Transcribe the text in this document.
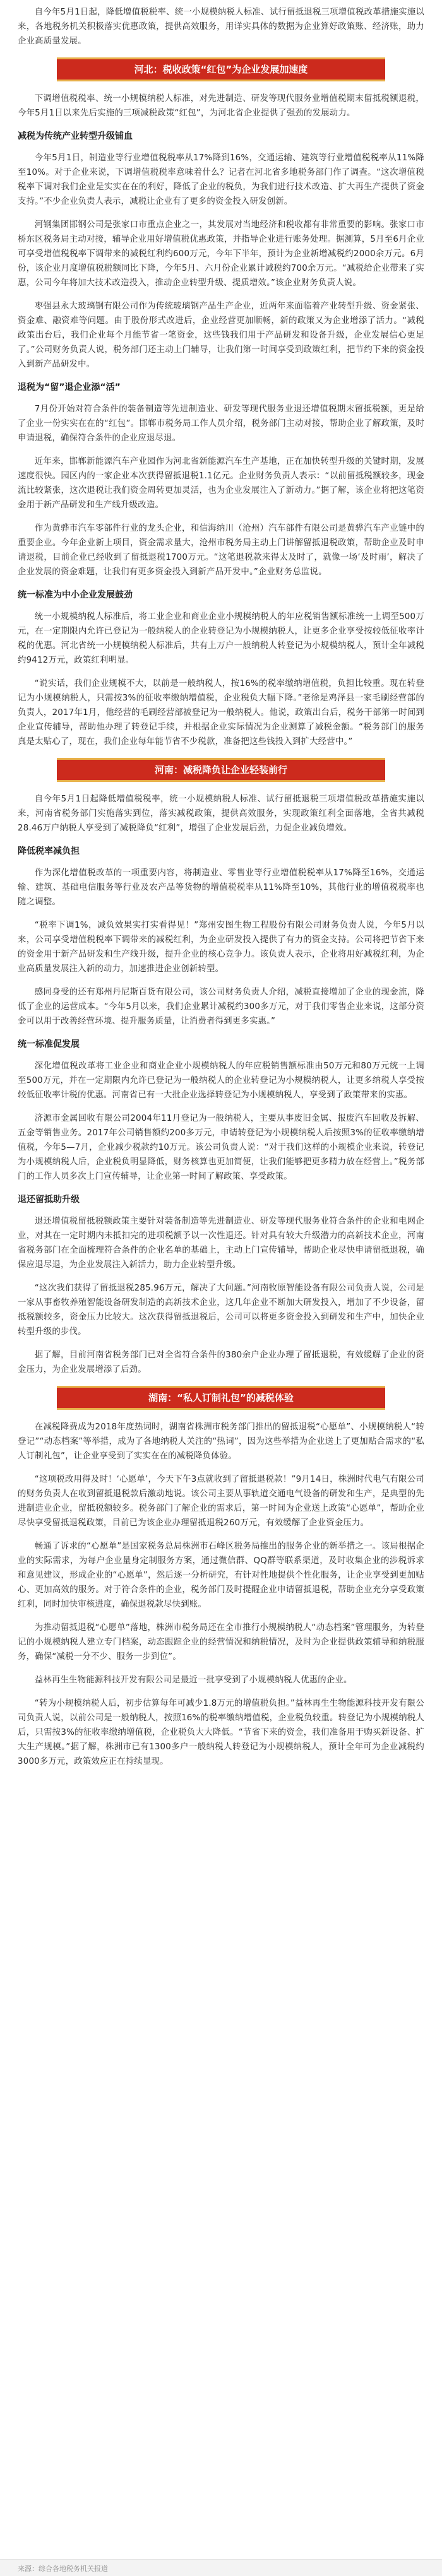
自今年5月1日起，降低增值税税率、统一小规模纳税人标准、试行留抵退税三项增值税改革措施实施以来，各地税务机关积极落实优惠政策，提供高效服务，用详实具体的数据为企业算好政策账、经济账，助力企业高质量发展。

河北：税收政策“红包”为企业发展加速度

下调增值税税率、统一小规模纳税人标准，对先进制造、研发等现代服务业增值税期末留抵税额退税，今年5月1日以来先后实施的三项减税政策“红包”，为河北省企业提供了强劲的发展动力。

减税为传统产业转型升级铺血

今年5月1日，制造业等行业增值税税率从17%降到16%，交通运输、建筑等行业增值税税率从11%降至10%。对于企业来说，下调增值税税率意味着什么？记者在河北省多地税务部门作了调查。“这次增值税税率下调对我们企业是实实在在的利好，降低了企业的税负，为我们进行技术改造、扩大再生产提供了资金支持。”不少企业负责人表示，减税让企业有了更多的资金投入研发创新。

河钢集团邯钢公司是张家口市重点企业之一，其发展对当地经济和税收都有非常重要的影响。张家口市桥东区税务局主动对接，辅导企业用好增值税优惠政策，并指导企业进行账务处理。据测算，5月至6月企业可享受增值税税率下调带来的减税红利约600万元，今年下半年，预计为企业新增减税约2000余万元。6月份，该企业月度增值税税额同比下降，今年5月、六月份企业累计减税约700余万元。“减税给企业带来了实惠，公司今年将加大技术改造投入，推动企业转型升级、提质增效。”该企业财务负责人说。

枣强县永大玻璃钢有限公司作为传统玻璃钢产品生产企业，近两年来面临着产业转型升级、资金紧张、资金难、融资难等问题。由于股份形式改进后，企业经营更加顺畅，新的政策又为企业增添了活力。“减税政策出台后，我们企业每个月能节省一笔资金，这些钱我们用于产品研发和设备升级，企业发展信心更足了。”公司财务负责人说，税务部门还主动上门辅导，让我们第一时间享受到政策红利，把节约下来的资金投入到新产品研发中。

退税为“留”退企业添“活”

7月份开始对符合条件的装备制造等先进制造业、研发等现代服务业退还增值税期末留抵税额，更是给了企业一份实实在在的“红包”。邯郸市税务局工作人员介绍，税务部门主动对接，帮助企业了解政策，及时申请退税，确保符合条件的企业应退尽退。

近年来，邯郸新能源汽车产业园作为河北省新能源汽车生产基地，正在加快转型升级的关键时期，发展速度很快。园区内的一家企业本次获得留抵退税1.1亿元。企业财务负责人表示：“以前留抵税额较多，现金流比较紧张，这次退税让我们资金周转更加灵活，也为企业发展注入了新动力。”据了解，该企业将把这笔资金用于新产品研发和生产线升级改造。

作为黄骅市汽车零部件行业的龙头企业，和信海纳川（沧州）汽车部件有限公司是黄骅汽车产业链中的重要企业。今年企业新上项目，资金需求量大，沧州市税务局主动上门讲解留抵退税政策，帮助企业及时申请退税，目前企业已经收到了留抵退税1700万元。“这笔退税款来得太及时了，就像一场‘及时雨’，解决了企业发展的资金难题，让我们有更多资金投入到新产品开发中。”企业财务总监说。

统一标准为中小企业发展鼓劲

统一小规模纳税人标准后，将工业企业和商业企业小规模纳税人的年应税销售额标准统一上调至500万元，在一定期限内允许已登记为一般纳税人的企业转登记为小规模纳税人，让更多企业享受按较低征收率计税的优惠。河北省统一小规模纳税人标准后，共有上万户一般纳税人转登记为小规模纳税人，预计全年减税约9412万元，政策红利明显。

“说实话，我们企业规模不大，以前是一般纳税人，按16%的税率缴纳增值税，负担比较重。现在转登记为小规模纳税人，只需按3%的征收率缴纳增值税，企业税负大幅下降。”老徐是鸡泽县一家毛刷经营部的负责人，2017年1月，他经营的毛刷经营部被登记为一般纳税人。他说，政策出台后，税务干部第一时间到企业宣传辅导，帮助他办理了转登记手续，并根据企业实际情况为企业测算了减税金额。“税务部门的服务真是太贴心了，现在，我们企业每年能节省不少税款，准备把这些钱投入到扩大经营中。”

河南：减税降负让企业轻装前行

自今年5月1日起降低增值税税率，统一小规模纳税人标准、试行留抵退税三项增值税改革措施实施以来，河南省税务部门实施落实到位，落实减税政策，提供高效服务，实现政策红利全面落地，全省共减税28.46万户纳税人享受到了减税降负“红利”，增强了企业发展后劲，力促企业减负增效。

降低税率减负担

作为深化增值税改革的一项重要内容，将制造业、零售业等行业增值税税率从17%降至16%，交通运输、建筑、基础电信服务等行业及农产品等货物的增值税税率从11%降至10%，其他行业的增值税税率也随之调整。

“税率下调1%，减负效果实打实看得见！”郑州安图生物工程股份有限公司财务负责人说，今年5月以来，公司享受增值税税率下调带来的减税红利，为企业研发投入提供了有力的资金支持。公司将把节省下来的资金用于新产品研发和生产线升级，提升企业的核心竞争力。该负责人表示，企业将用好减税红利，为企业高质量发展注入新的动力，加速推进企业创新转型。

感同身受的还有郑州丹尼斯百货有限公司，该公司财务负责人介绍，减税直接增加了企业的现金流，降低了企业的运营成本。“今年5月以来，我们企业累计减税约300多万元，对于我们零售企业来说，这部分资金可以用于改善经营环境、提升服务质量，让消费者得到更多实惠。”

统一标准促发展

深化增值税改革将工业企业和商业企业小规模纳税人的年应税销售额标准由50万元和80万元统一上调至500万元，并在一定期限内允许已登记为一般纳税人的企业转登记为小规模纳税人，让更多纳税人享受按较低征收率计税的优惠。河南省已有一大批企业选择转登记为小规模纳税人，享受到了政策带来的实惠。

济源市金属回收有限公司2004年11月登记为一般纳税人，主要从事废旧金属、报废汽车回收及拆解、五金等销售业务。2017年公司销售额约200多万元，申请转登记为小规模纳税人后按照3%的征收率缴纳增值税，今年5—7月，企业减少税款约10万元。该公司负责人说：“对于我们这样的小规模企业来说，转登记为小规模纳税人后，企业税负明显降低，财务核算也更加简便，让我们能够把更多精力放在经营上。”税务部门的工作人员多次上门宣传辅导，让企业第一时间了解政策、享受政策。

退还留抵助升级

退还增值税留抵税额政策主要针对装备制造等先进制造业、研发等现代服务业符合条件的企业和电网企业，对其在一定时期内未抵扣完的进项税额予以一次性退还。针对具有较大升级潜力的高新技术企业，河南省税务部门在全面梳理符合条件的企业名单的基础上，主动上门宣传辅导，帮助企业尽快申请留抵退税，确保应退尽退，为企业发展注入新活力，助力企业转型升级。

“这次我们获得了留抵退税285.96万元，解决了大问题。”河南牧原智能设备有限公司负责人说，公司是一家从事畜牧养殖智能设备研发制造的高新技术企业，这几年企业不断加大研发投入，增加了不少设备，留抵税额较多，资金压力比较大。这次获得留抵退税后，公司可以将更多资金投入到研发和生产中，加快企业转型升级的步伐。

据了解，目前河南省税务部门已对全省符合条件的380余户企业办理了留抵退税，有效缓解了企业的资金压力，为企业发展增添了后劲。

湖南：“私人订制礼包”的减税体验

在减税降费成为2018年度热词时，湖南省株洲市税务部门推出的留抵退税“心愿单”、小规模纳税人“转登记”“动态档案”等举措，成为了各地纳税人关注的“热词”，因为这些举措为企业送上了更加贴合需求的“私人订制礼包”，让企业享受到了实实在在的减税降负体验。

“这项税改用得及时！‘心愿单’，今天下午3点就收到了留抵退税款！”9月14日，株洲时代电气有限公司的财务负责人在收到留抵退税款后激动地说。该公司主要从事轨道交通电气设备的研发和生产，是典型的先进制造业企业，留抵税额较多。税务部门了解企业的需求后，第一时间为企业送上政策“心愿单”，帮助企业尽快享受留抵退税政策，目前已为该企业办理留抵退税260万元，有效缓解了企业资金压力。

畅通了诉求的“心愿单”是国家税务总局株洲市石峰区税务局推出的服务企业的新举措之一。该局根据企业的实际需求，为每户企业量身定制服务方案，通过微信群、QQ群等联系渠道，及时收集企业的涉税诉求和意见建议，形成企业的“心愿单”，然后逐一分析研究，有针对性地提供个性化服务，让企业享受到更加贴心、更加高效的服务。对于符合条件的企业，税务部门及时提醒企业申请留抵退税，帮助企业充分享受政策红利，同时加快审核进度，确保退税款尽快到账。

为推动留抵退税“心愿单”落地，株洲市税务局还在全市推行小规模纳税人“动态档案”管理服务，为转登记的小规模纳税人建立专门档案，动态跟踪企业的经营情况和纳税情况，及时为企业提供政策辅导和纳税服务，确保“减税一分不少、服务一步到位”。

益林再生生物能源科技开发有限公司是最近一批享受到了小规模纳税人优惠的企业。

“转为小规模纳税人后，初步估算每年可减少1.8万元的增值税负担。”益林再生生物能源科技开发有限公司负责人说，以前公司是一般纳税人，按照16%的税率缴纳增值税，企业税负较重。转登记为小规模纳税人后，只需按3%的征收率缴纳增值税，企业税负大大降低。“节省下来的资金，我们准备用于购买新设备、扩大生产规模。”据了解，株洲市已有1300多户一般纳税人转登记为小规模纳税人，预计全年可为企业减税约3000多万元，政策效应正在持续显现。

来源：综合各地税务机关报道
